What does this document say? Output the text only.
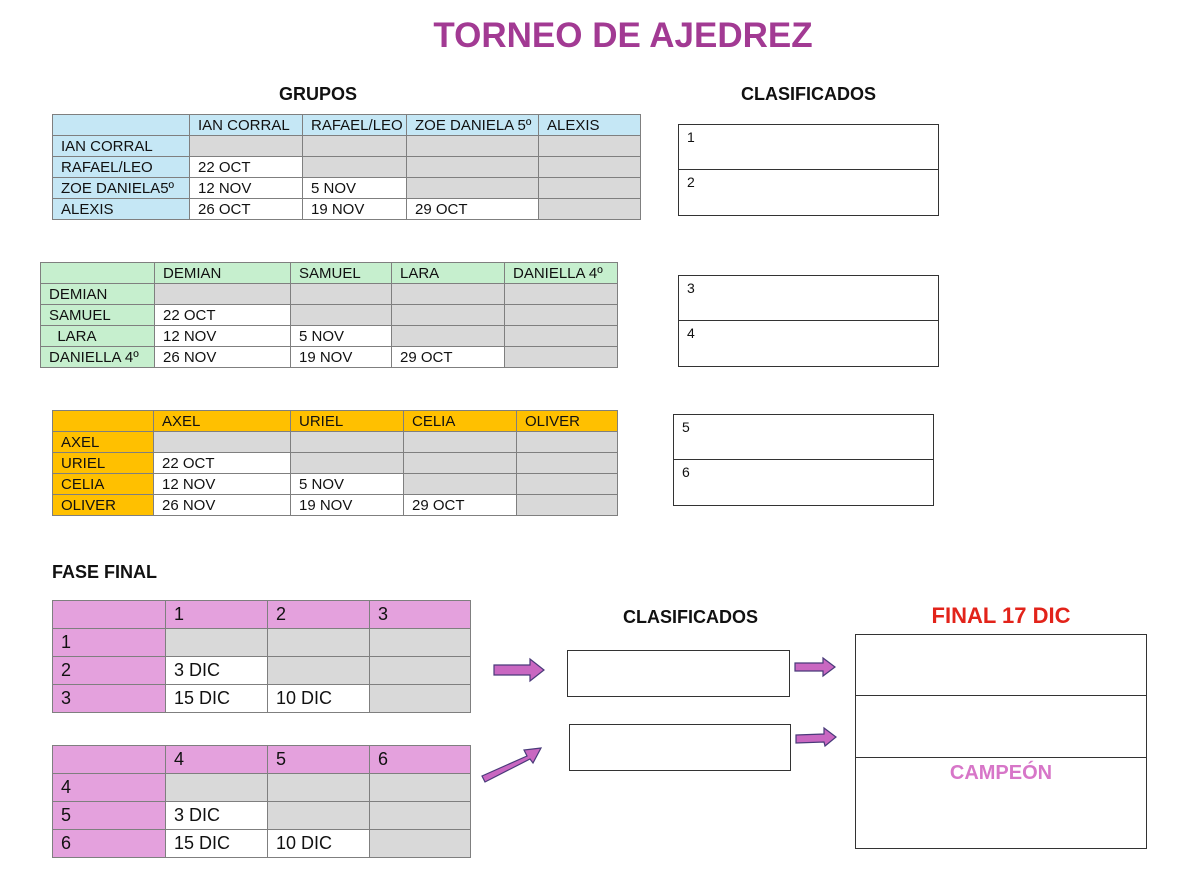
TORNEO DE AJEDREZ
GRUPOS	CLASIFICADOS
	IAN CORRAL	RAFAEL/LEO	ZOE DANIELA 5º	ALEXIS
IAN CORRAL				
RAFAEL/LEO	22 OCT			
ZOE DANIELA5º	12 NOV	5 NOV		
ALEXIS	26 OCT	19 NOV	29 OCT	
	DEMIAN	SAMUEL	LARA	DANIELLA 4º
DEMIAN				
SAMUEL	22 OCT			
LARA	12 NOV	5 NOV		
DANIELLA 4º	26 NOV	19 NOV	29 OCT	
	AXEL	URIEL	CELIA	OLIVER
AXEL				
URIEL	22 OCT			
CELIA	12 NOV	5 NOV		
OLIVER	26 NOV	19 NOV	29 OCT	
1
2
3
4
5
6
FASE FINAL
	1	2	3
1			
2	3 DIC		
3	15 DIC	10 DIC	
	4	5	6
4			
5	3 DIC		
6	15 DIC	10 DIC	
CLASIFICADOS	FINAL 17 DIC
CAMPEÓN
